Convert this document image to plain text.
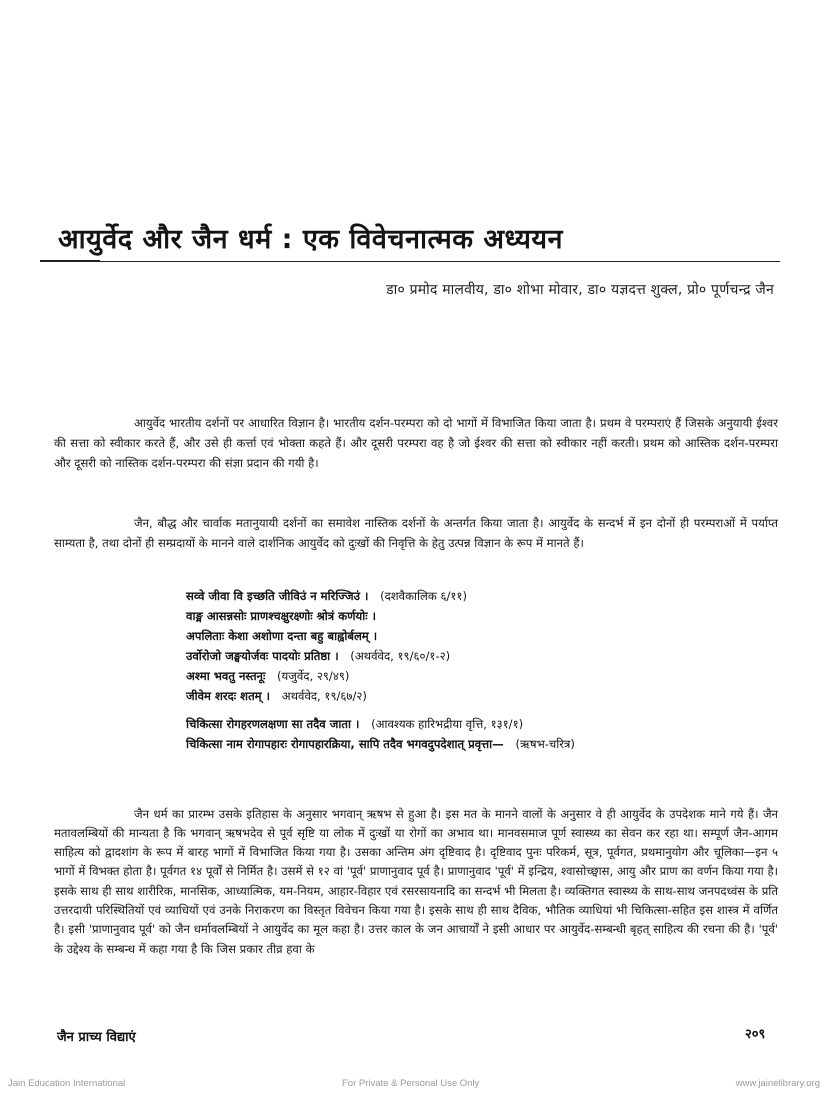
आयुर्वेद और जैन धर्म : एक विवेचनात्मक अध्ययन
डा० प्रमोद मालवीय, डा० शोभा मोवार, डा० यज्ञदत्त शुक्ल, प्रो० पूर्णचन्द्र जैन

आयुर्वेद भारतीय दर्शनों पर आधारित विज्ञान है। भारतीय दर्शन-परम्परा को दो भागों में विभाजित किया जाता है। प्रथम वे परम्पराएं हैं जिसके अनुयायी ईश्वर की सत्ता को स्वीकार करते हैं, और उसे ही कर्त्ता एवं भोक्ता कहते हैं। और दूसरी परम्परा वह है जो ईश्वर की सत्ता को स्वीकार नहीं करती। प्रथम को आस्तिक दर्शन-परम्परा और दूसरी को नास्तिक दर्शन-परम्परा की संज्ञा प्रदान की गयी है।

जैन, बौद्ध और चार्वाक मतानुयायी दर्शनों का समावेश नास्तिक दर्शनों के अन्तर्गत किया जाता है। आयुर्वेद के सन्दर्भ में इन दोनों ही परम्पराओं में पर्याप्त साम्यता है, तथा दोनों ही सम्प्रदायों के मानने वाले दार्शनिक आयुर्वेद को दुःखों की निवृत्ति के हेतु उत्पन्न विज्ञान के रूप में मानते हैं।

सव्वे जीवा वि इच्छति जीविउं न मरिज्जिउं । (दशवैकालिक ६/११)
वाङ्म आसन्नसोः प्राणश्चक्षुरक्ष्णोः श्रोत्रं कर्णयोः ।
अपलिताः केशा अशोणा दन्ता बहु बाह्वोर्बलम् ।
उर्वोरोजो जङ्घयोर्जवः पादयोः प्रतिष्ठा । (अथर्ववेद, १९/६०/१-२)
अश्मा भवतु नस्तनूः (यजुर्वेद, २९/४९)
जीवेम शरदः शतम् । अथर्ववेद, १९/६७/२)
चिकित्सा रोगहरणलक्षणा सा तदैव जाता । (आवश्यक हारिभद्रीया वृत्ति, १३१/१)
चिकित्सा नाम रोगापहारः रोगापहारक्रिया, सापि तदैव भगवदुपदेशात् प्रवृत्ता— (ऋषभ-चरित्र)

जैन धर्म का प्रारम्भ उसके इतिहास के अनुसार भगवान् ऋषभ से हुआ है। इस मत के मानने वालों के अनुसार वे ही आयुर्वेद के उपदेशक माने गये हैं। जैन मतावलम्बियों की मान्यता है कि भगवान् ऋषभदेव से पूर्व सृष्टि या लोक में दुःखों या रोगों का अभाव था। मानवसमाज पूर्ण स्वास्थ्य का सेवन कर रहा था। सम्पूर्ण जैन-आगम साहित्य को द्वादशांग के रूप में बारह भागों में विभाजित किया गया है। उसका अन्तिम अंग दृष्टिवाद है। दृष्टिवाद पुनः परिकर्म, सूत्र, पूर्वगत, प्रथमानुयोग और चूलिका—इन ५ भागों में विभक्त होता है। पूर्वगत १४ पूर्वों से निर्मित है। उसमें से १२ वां 'पूर्व' प्राणानुवाद पूर्व है। प्राणानुवाद 'पूर्व' में इन्द्रिय, श्वासोच्छ्वास, आयु और प्राण का वर्णन किया गया है। इसके साथ ही साथ शारीरिक, मानसिक, आध्यात्मिक, यम-नियम, आहार-विहार एवं रसरसायनादि का सन्दर्भ भी मिलता है। व्यक्तिगत स्वास्थ्य के साथ-साथ जनपदध्वंस के प्रति उत्तरदायी परिस्थितियों एवं व्याधियों एवं उनके निराकरण का विस्तृत विवेचन किया गया है। इसके साथ ही साथ दैविक, भौतिक व्याधियां भी चिकित्सा-सहित इस शास्त्र में वर्णित है। इसी 'प्राणानुवाद पूर्व' को जैन धर्मावलम्बियों ने आयुर्वेद का मूल कहा है। उत्तर काल के जन आचार्यों ने इसी आधार पर आयुर्वेद-सम्बन्धी बृहत् साहित्य की रचना की है। 'पूर्व' के उद्देश्य के सम्बन्ध में कहा गया है कि जिस प्रकार तीव्र हवा के

जैन प्राच्य विद्याएं	२०९
Jain Education International	For Private & Personal Use Only	www.jainelibrary.org
